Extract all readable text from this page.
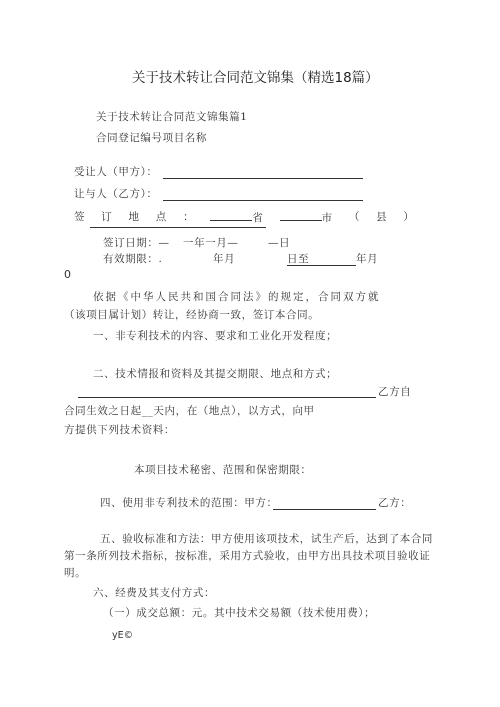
关于技术转让合同范文锦集（精选18篇）
关于技术转让合同范文锦集篇1
合同登记编号项目名称
受让人（甲方）：
让与人（乙方）：
签 订 地 点 ：	省	市 （ 县 ）
签订日期：— 一年一月—	—日
有效期限：.	年月	日至	年月
0
依据《中华人民共和国合同法》的规定，合同双方就
（该项目属计划）转让，经协商一致，签订本合同。
一、非专利技术的内容、要求和工业化开发程度；
二、技术情报和资料及其提交期限、地点和方式；
乙方自
合同生效之日起__天内，在（地点），以方式，向甲
方提供下列技术资料：
本项目技术秘密、范围和保密期限：
四、使用非专利技术的范围：甲方：	乙方：
五、验收标准和方法：甲方使用该项技术，试生产后，达到了本合同
第一条所列技术指标，按标准，采用方式验收，由甲方出具技术项目验收证
明。
六、经费及其支付方式：
（一）成交总额：元。其中技术交易额（技术使用费）；
yE©
